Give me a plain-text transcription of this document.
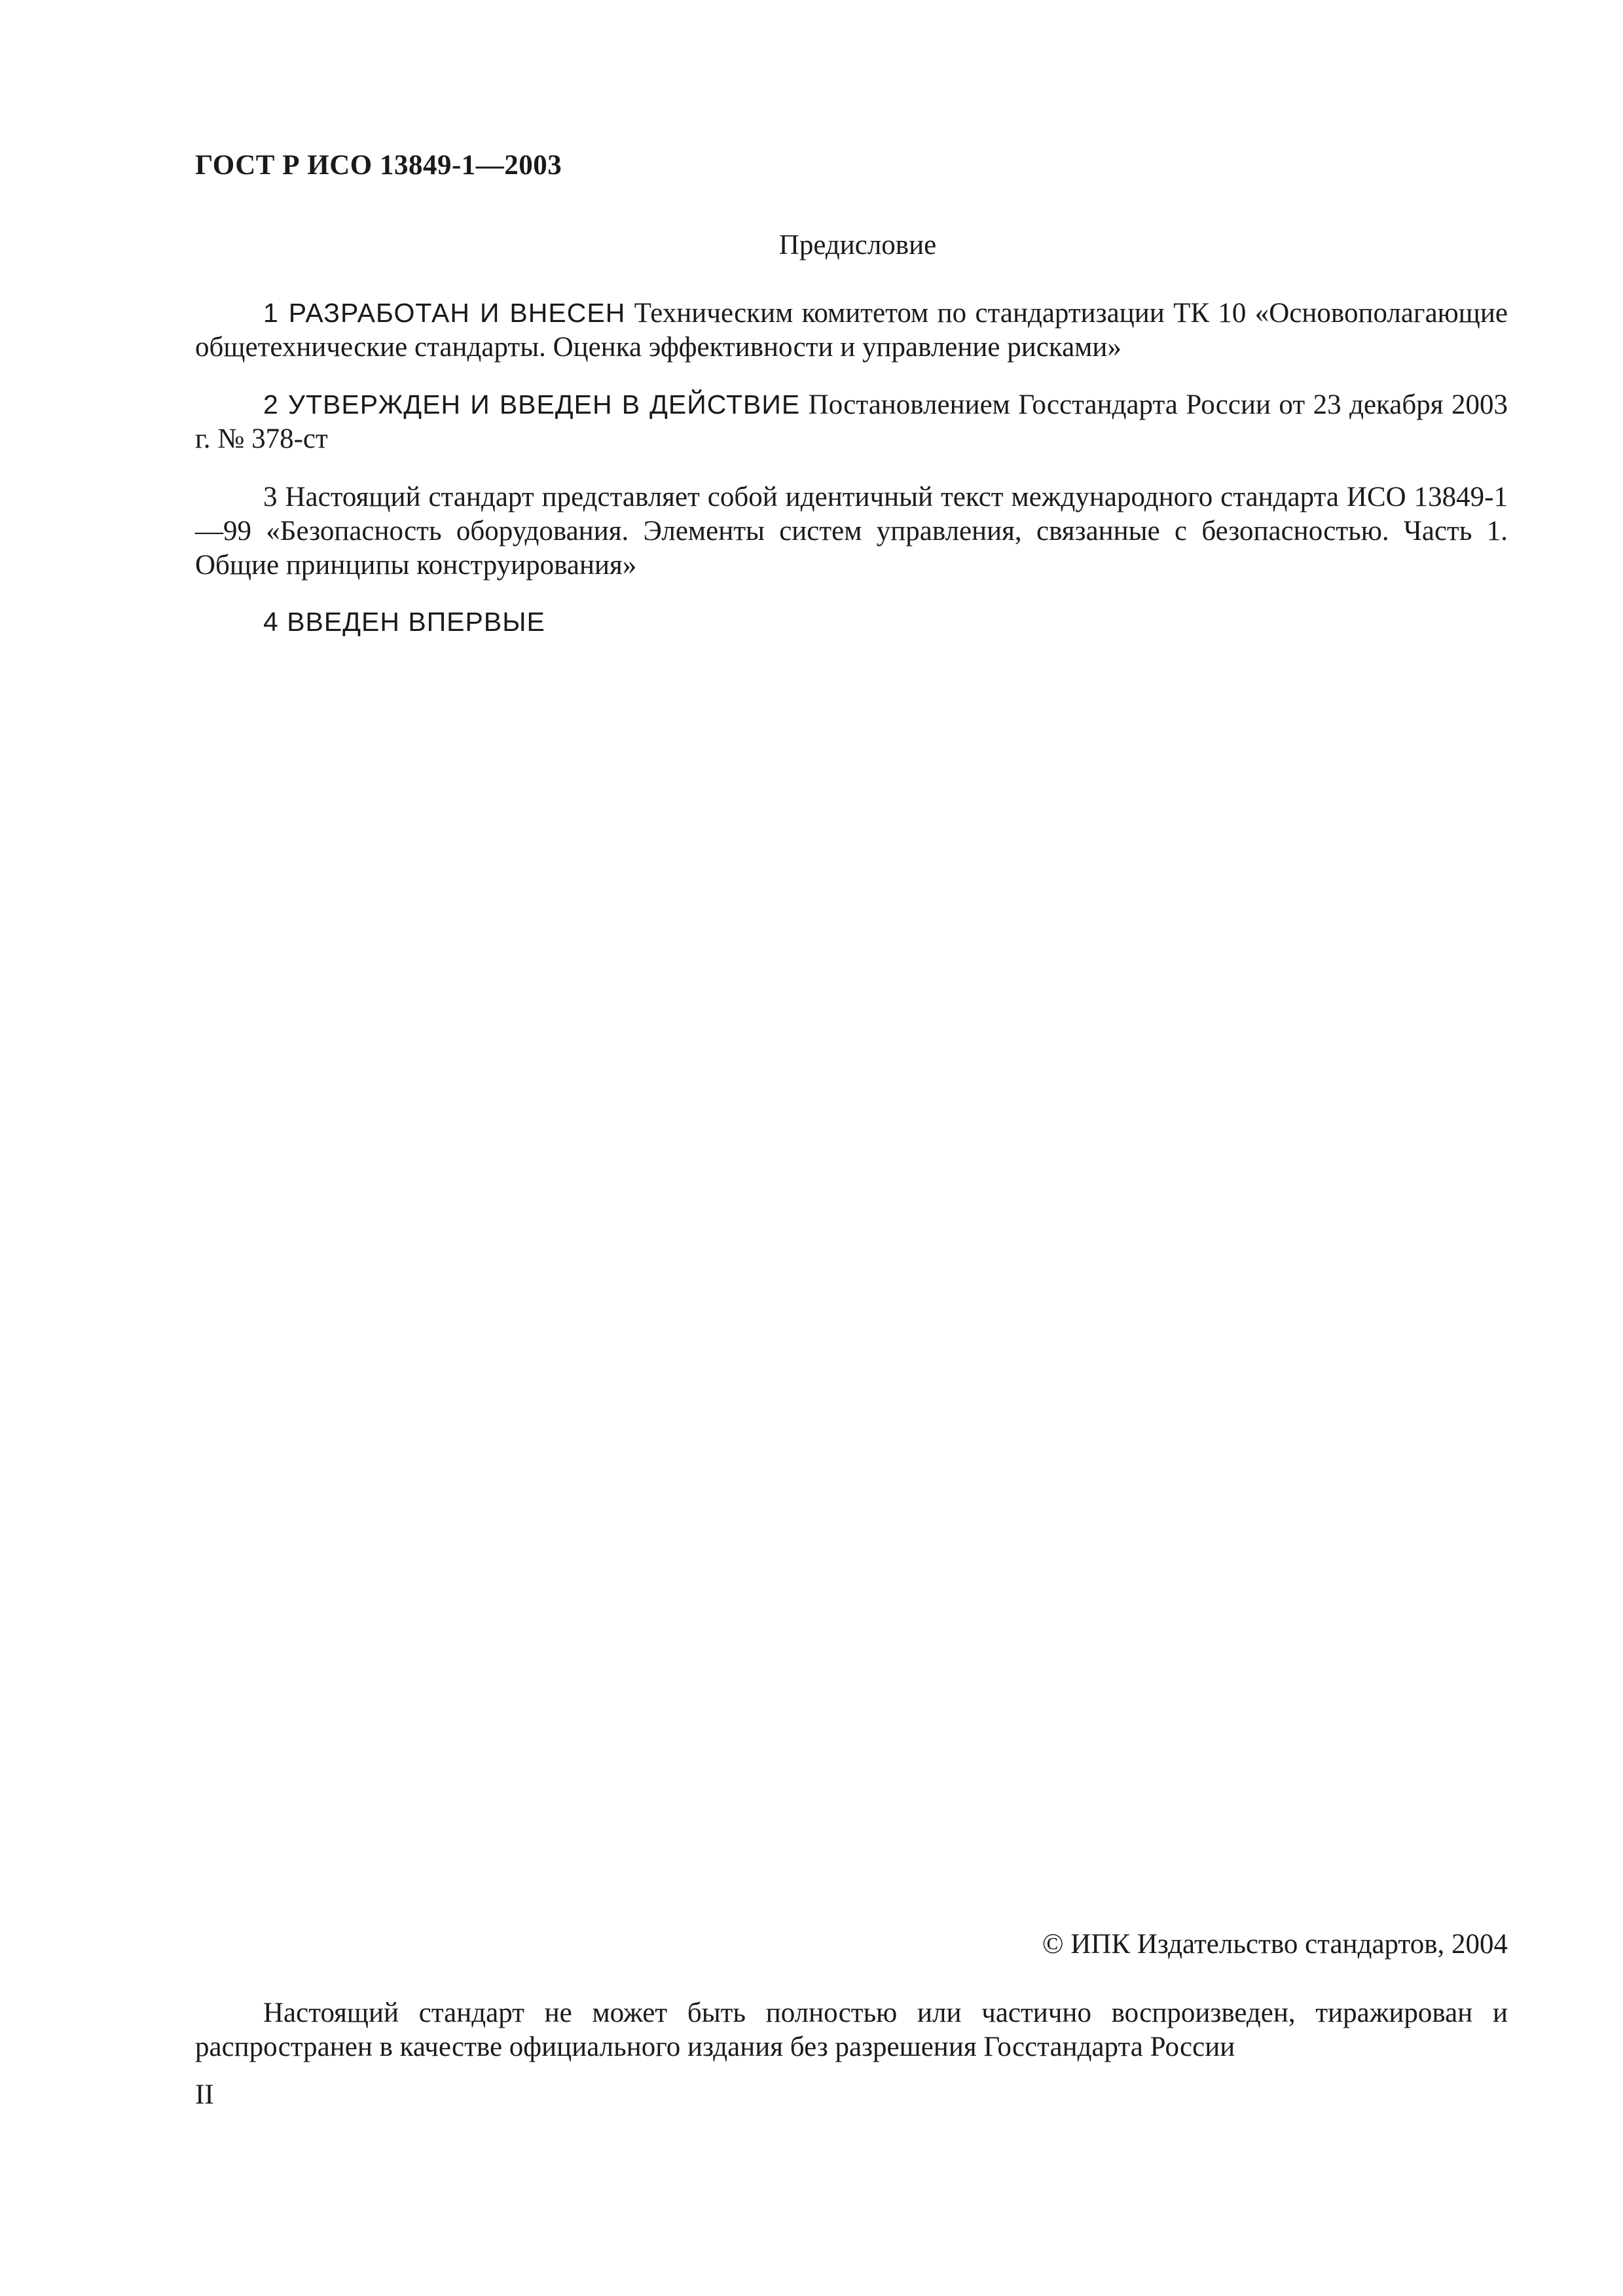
ГОСТ Р ИСО 13849-1—2003
Предисловие
1 РАЗРАБОТАН И ВНЕСЕН Техническим комитетом по стандартизации ТК 10 «Основополагающие общетехнические стандарты. Оценка эффективности и управление рисками»
2 УТВЕРЖДЕН И ВВЕДЕН В ДЕЙСТВИЕ Постановлением Госстандарта России от 23 декабря 2003 г. № 378-ст
3 Настоящий стандарт представляет собой идентичный текст международного стандарта ИСО 13849-1—99 «Безопасность оборудования. Элементы систем управления, связанные с безопасностью. Часть 1. Общие принципы конструирования»
4 ВВЕДЕН ВПЕРВЫЕ
© ИПК Издательство стандартов, 2004
Настоящий стандарт не может быть полностью или частично воспроизведен, тиражирован и распространен в качестве официального издания без разрешения Госстандарта России
II
